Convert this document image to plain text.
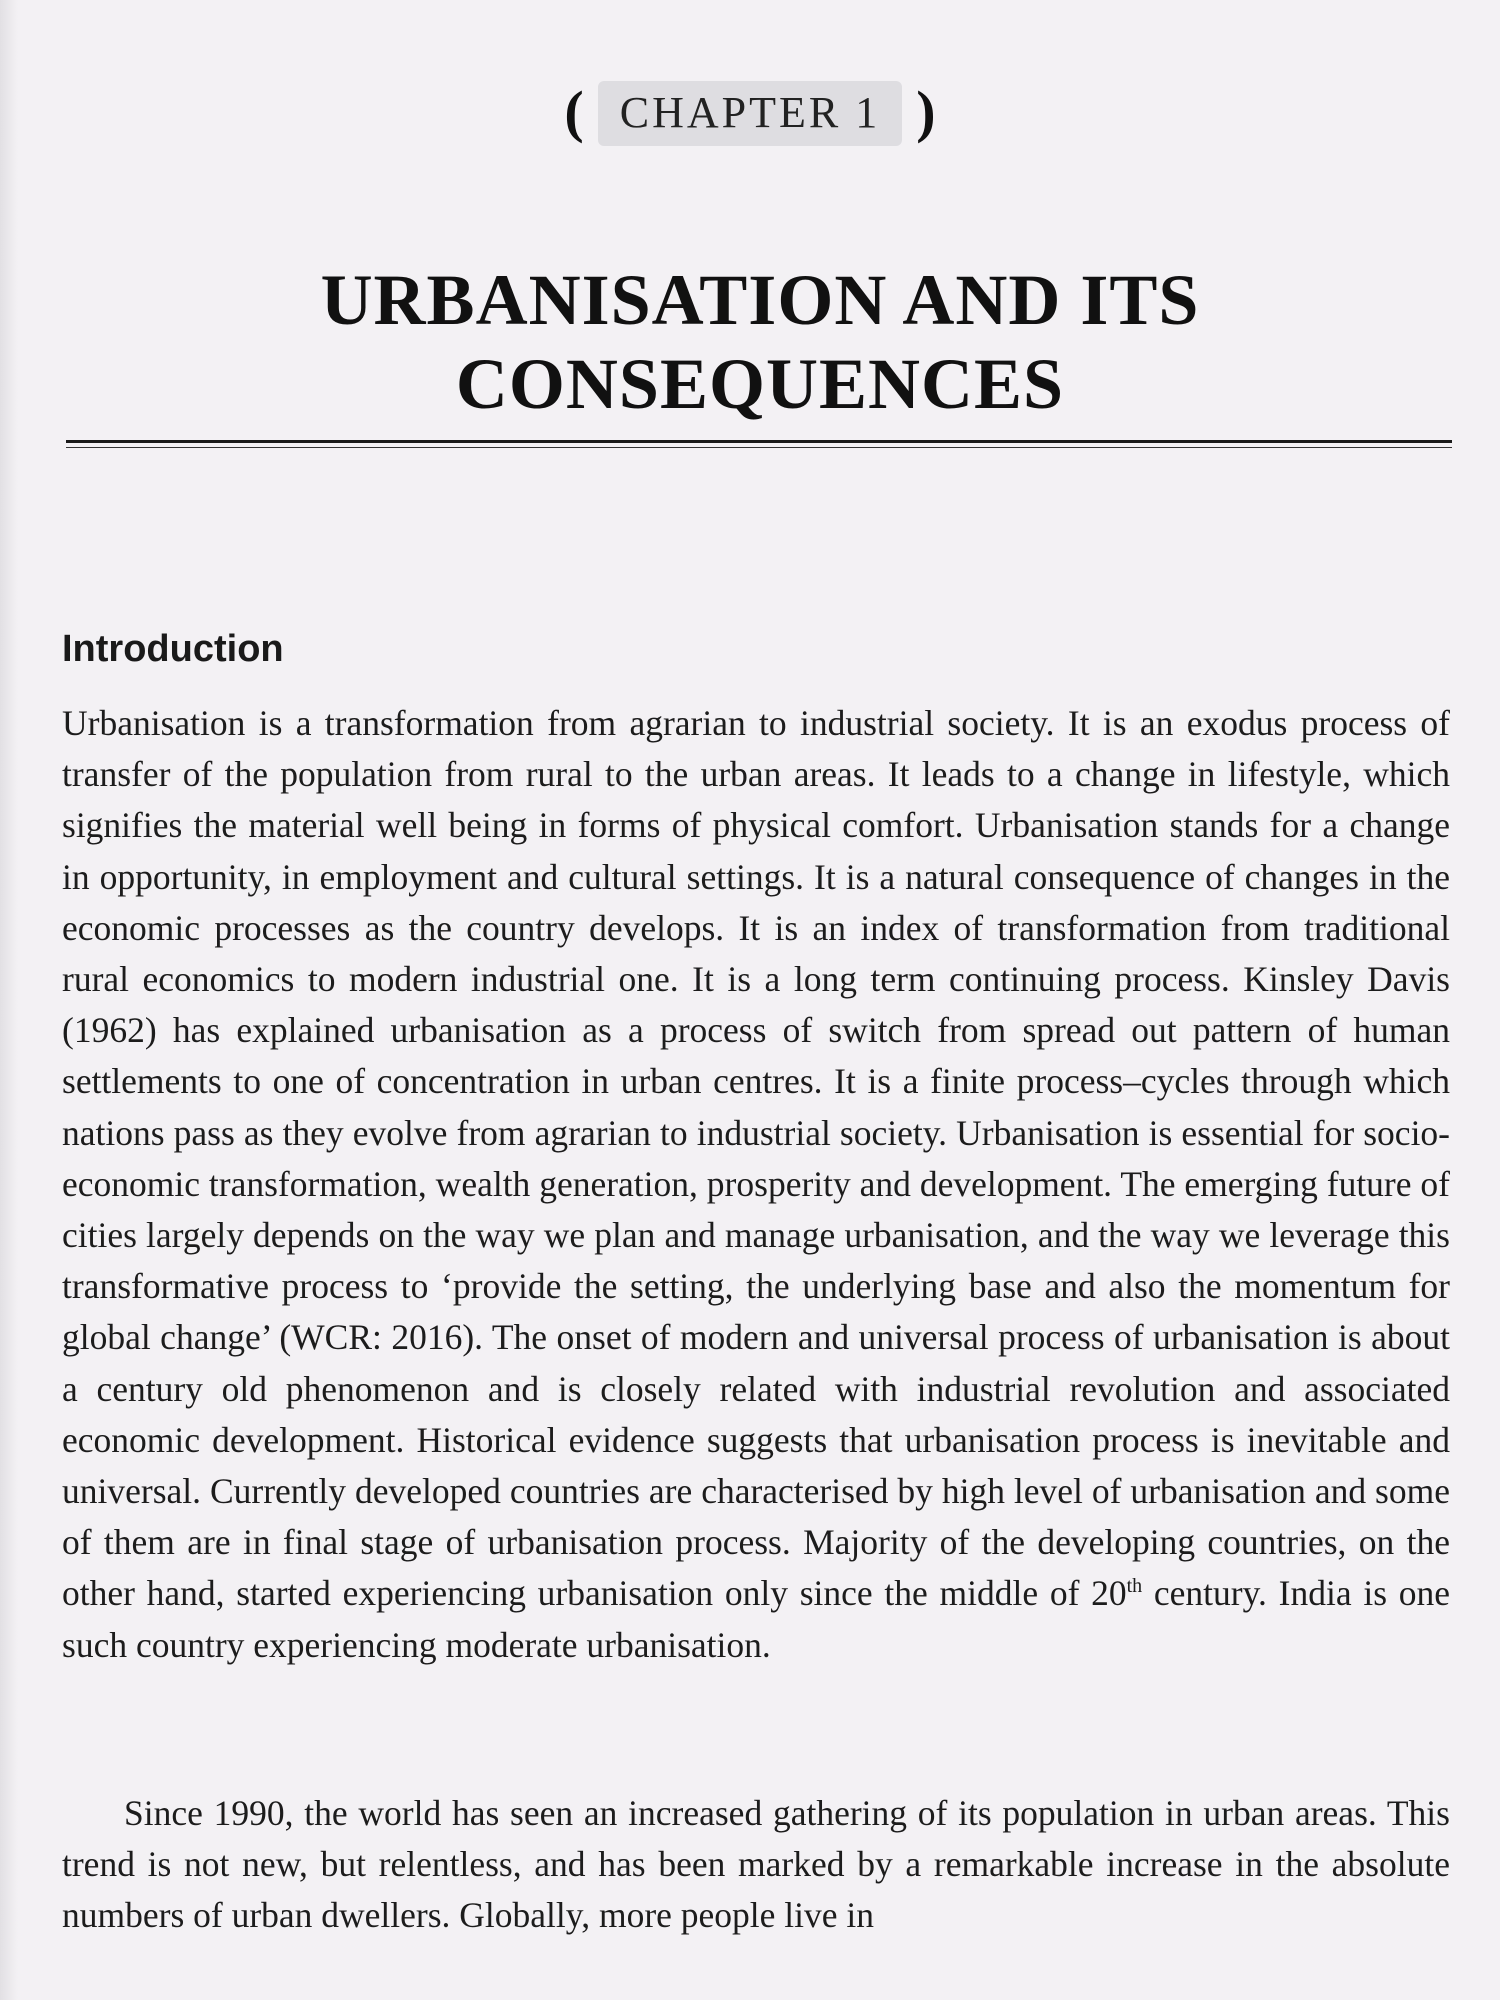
( CHAPTER 1 )
URBANISATION AND ITS
CONSEQUENCES
Introduction

Urbanisation is a transformation from agrarian to industrial society. It is an exodus process of transfer of the population from rural to the urban areas. It leads to a change in lifestyle, which signifies the material well being in forms of physical comfort. Urbanisation stands for a change in opportunity, in employment and cultural settings. It is a natural consequence of changes in the economic processes as the country develops. It is an index of transformation from traditional rural economics to modern industrial one. It is a long term continuing process. Kinsley Davis (1962) has explained urbanisation as a process of switch from spread out pattern of human settlements to one of concentration in urban centres. It is a finite process–cycles through which nations pass as they evolve from agrarian to industrial society. Urbanisation is essential for socio-economic transformation, wealth generation, prosperity and development. The emerging future of cities largely depends on the way we plan and manage urbanisation, and the way we leverage this transformative process to ‘provide the setting, the underlying base and also the momentum for global change’ (WCR: 2016). The onset of modern and universal process of urbanisation is about a century old phenomenon and is closely related with industrial revolution and associated economic development. Historical evidence suggests that urbanisation process is inevitable and universal. Currently developed countries are characterised by high level of urbanisation and some of them are in final stage of urbanisation process. Majority of the developing countries, on the other hand, started experiencing urbanisation only since the middle of 20th century. India is one such country experiencing moderate urbanisation.

Since 1990, the world has seen an increased gathering of its population in urban areas. This trend is not new, but relentless, and has been marked by a remarkable increase in the absolute numbers of urban dwellers. Globally, more people live in
